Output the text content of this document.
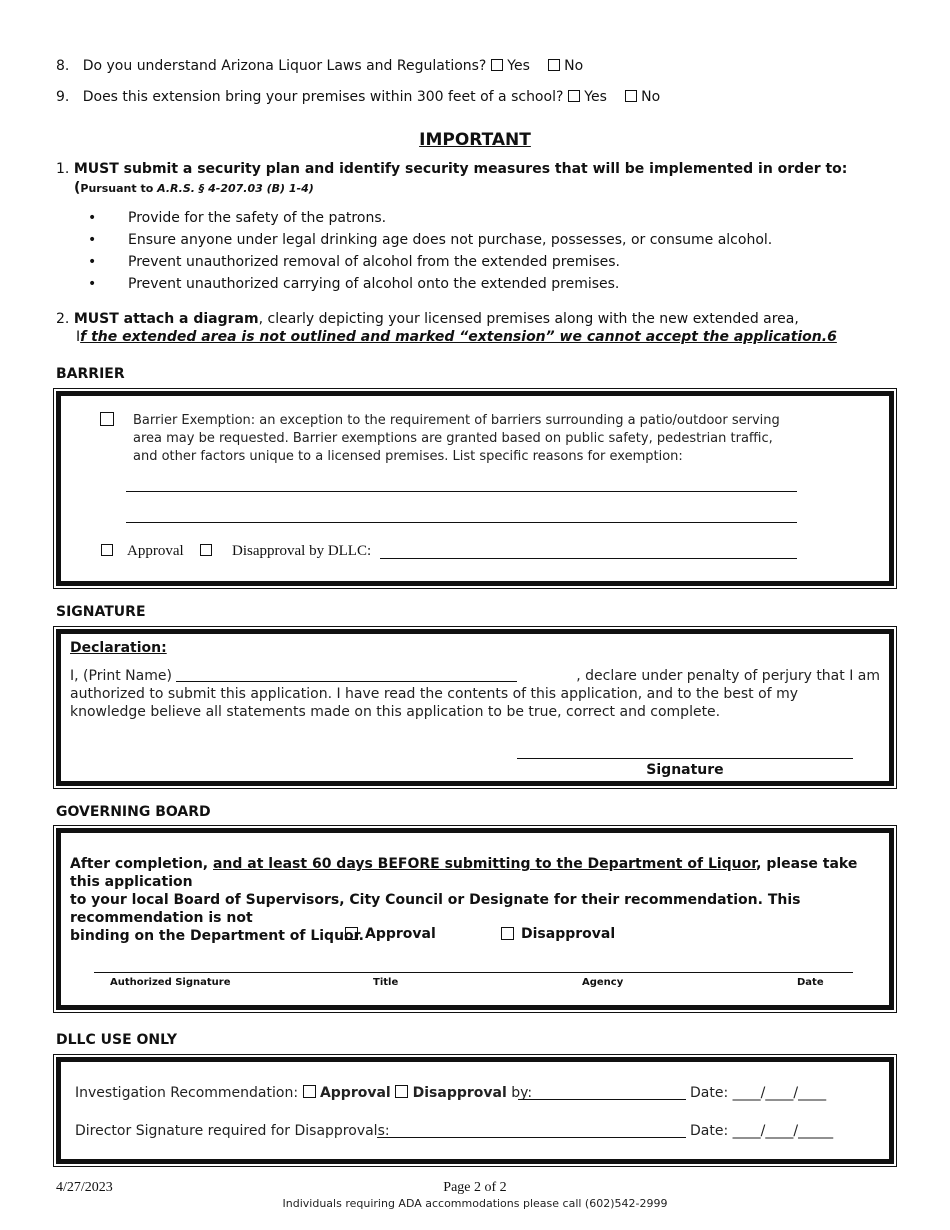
8. Do you understand Arizona Liquor Laws and Regulations? Yes No
9. Does this extension bring your premises within 300 feet of a school? Yes No
IMPORTANT
1. MUST submit a security plan and identify security measures that will be implemented in order to:
(Pursuant to A.R.S. § 4-207.03 (B) 1-4)
• Provide for the safety of the patrons.
• Ensure anyone under legal drinking age does not purchase, possesses, or consume alcohol.
• Prevent unauthorized removal of alcohol from the extended premises.
• Prevent unauthorized carrying of alcohol onto the extended premises.
2. MUST attach a diagram, clearly depicting your licensed premises along with the new extended area,
If the extended area is not outlined and marked “extension” we cannot accept the application.6
BARRIER
Barrier Exemption: an exception to the requirement of barriers surrounding a patio/outdoor serving
area may be requested. Barrier exemptions are granted based on public safety, pedestrian traffic,
and other factors unique to a licensed premises. List specific reasons for exemption:
Approval	Disapproval by DLLC:
SIGNATURE
Declaration:
I, (Print Name)	, declare under penalty of perjury that I am
authorized to submit this application. I have read the contents of this application, and to the best of my
knowledge believe all statements made on this application to be true, correct and complete.
Signature
GOVERNING BOARD
After completion, and at least 60 days BEFORE submitting to the Department of Liquor, please take this application
to your local Board of Supervisors, City Council or Designate for their recommendation. This recommendation is not
binding on the Department of Liquor. Approval	Disapproval
Authorized Signature	Title	Agency	Date
DLLC USE ONLY
Investigation Recommendation: Approval Disapproval by:	Date: ____/____/____
Director Signature required for Disapprovals:	Date: ____/____/_____
4/27/2023	Page 2 of 2
Individuals requiring ADA accommodations please call (602)542-2999
